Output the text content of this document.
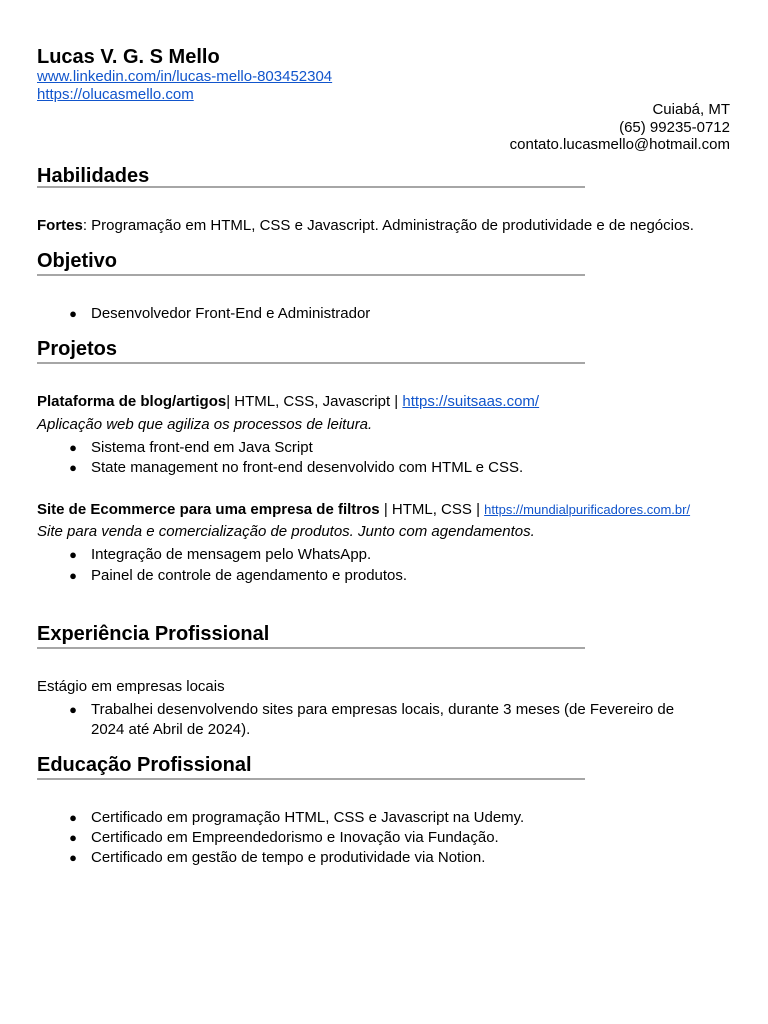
Lucas V. G. S Mello
www.linkedin.com/in/lucas-mello-803452304
https://olucasmello.com
Cuiabá, MT
(65) 99235-0712
contato.lucasmello@hotmail.com
Habilidades
Fortes: Programação em HTML, CSS e Javascript. Administração de produtividade e de negócios.
Objetivo
● Desenvolvedor Front-End e Administrador
Projetos
Plataforma de blog/artigos| HTML, CSS, Javascript | https://suitsaas.com/
Aplicação web que agiliza os processos de leitura.
● Sistema front-end em Java Script
● State management no front-end desenvolvido com HTML e CSS.
Site de Ecommerce para uma empresa de filtros | HTML, CSS | https://mundialpurificadores.com.br/
Site para venda e comercialização de produtos. Junto com agendamentos.
● Integração de mensagem pelo WhatsApp.
● Painel de controle de agendamento e produtos.
Experiência Profissional
Estágio em empresas locais
● Trabalhei desenvolvendo sites para empresas locais, durante 3 meses (de Fevereiro de 2024 até Abril de 2024).
Educação Profissional
● Certificado em programação HTML, CSS e Javascript na Udemy.
● Certificado em Empreendedorismo e Inovação via Fundação.
● Certificado em gestão de tempo e produtividade via Notion.
